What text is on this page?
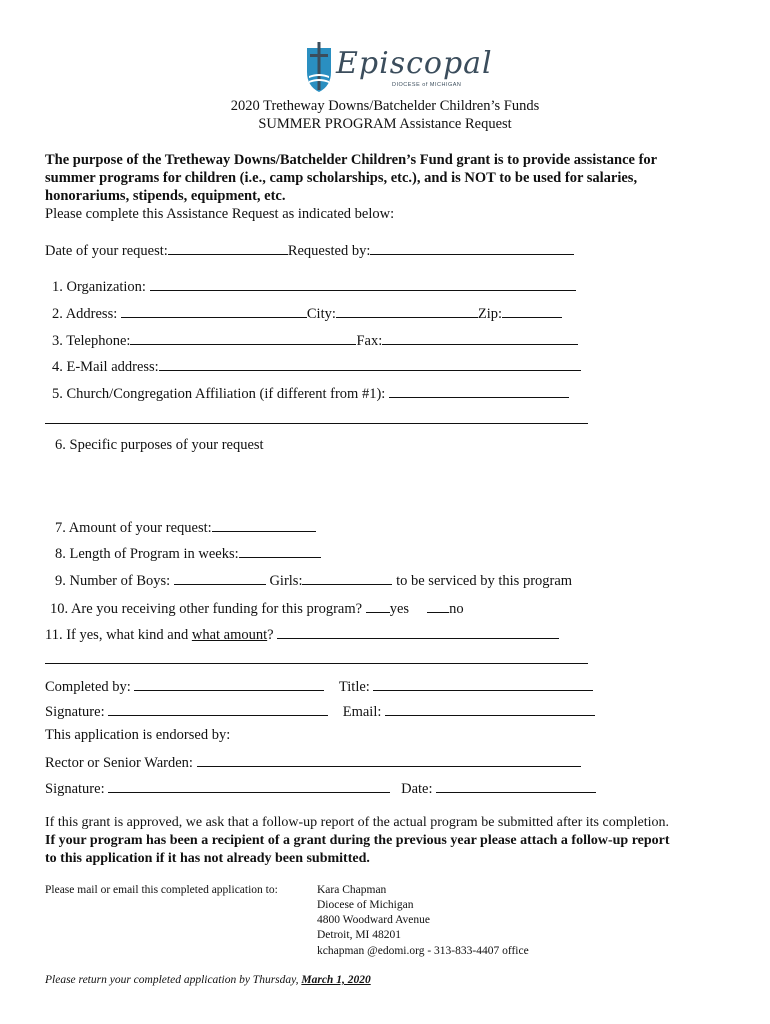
Episcopal
DIOCESE of MICHIGAN
2020 Tretheway Downs/Batchelder Children’s Funds
SUMMER PROGRAM Assistance Request
The purpose of the Tretheway Downs/Batchelder Children’s Fund grant is to provide assistance for
summer programs for children (i.e., camp scholarships, etc.), and is NOT to be used for salaries,
honorariums, stipends, equipment, etc.
Please complete this Assistance Request as indicated below:
Date of your request:	Requested by:
1. Organization:
2. Address:	City:	Zip:
3. Telephone:	Fax:
4. E-Mail address:
5. Church/Congregation Affiliation (if different from #1):
6. Specific purposes of your request
7. Amount of your request:
8. Length of Program in weeks:
9. Number of Boys:	Girls:	to be serviced by this program
10. Are you receiving other funding for this program? yes	no
11. If yes, what kind and what amount?
Completed by:	Title:
Signature:	Email:
This application is endorsed by:
Rector or Senior Warden:
Signature:	Date:
If this grant is approved, we ask that a follow-up report of the actual program be submitted after its completion.
If your program has been a recipient of a grant during the previous year please attach a follow-up report
to this application if it has not already been submitted.
Please mail or email this completed application to:	Kara Chapman
Diocese of Michigan
4800 Woodward Avenue
Detroit, MI 48201
kchapman @edomi.org - 313-833-4407 office
Please return your completed application by Thursday, March 1, 2020
